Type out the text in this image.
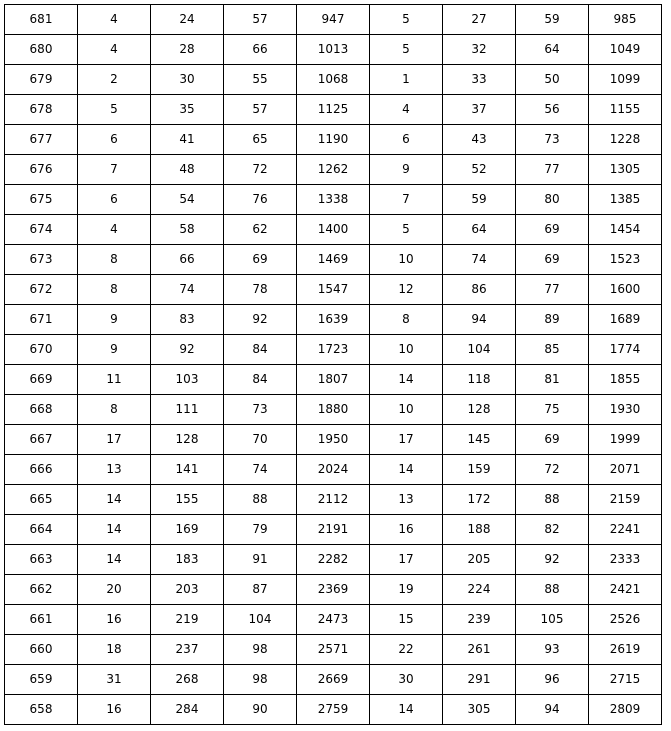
681	4	24	57	947	5	27	59	985
680	4	28	66	1013	5	32	64	1049
679	2	30	55	1068	1	33	50	1099
678	5	35	57	1125	4	37	56	1155
677	6	41	65	1190	6	43	73	1228
676	7	48	72	1262	9	52	77	1305
675	6	54	76	1338	7	59	80	1385
674	4	58	62	1400	5	64	69	1454
673	8	66	69	1469	10	74	69	1523
672	8	74	78	1547	12	86	77	1600
671	9	83	92	1639	8	94	89	1689
670	9	92	84	1723	10	104	85	1774
669	11	103	84	1807	14	118	81	1855
668	8	111	73	1880	10	128	75	1930
667	17	128	70	1950	17	145	69	1999
666	13	141	74	2024	14	159	72	2071
665	14	155	88	2112	13	172	88	2159
664	14	169	79	2191	16	188	82	2241
663	14	183	91	2282	17	205	92	2333
662	20	203	87	2369	19	224	88	2421
661	16	219	104	2473	15	239	105	2526
660	18	237	98	2571	22	261	93	2619
659	31	268	98	2669	30	291	96	2715
658	16	284	90	2759	14	305	94	2809
